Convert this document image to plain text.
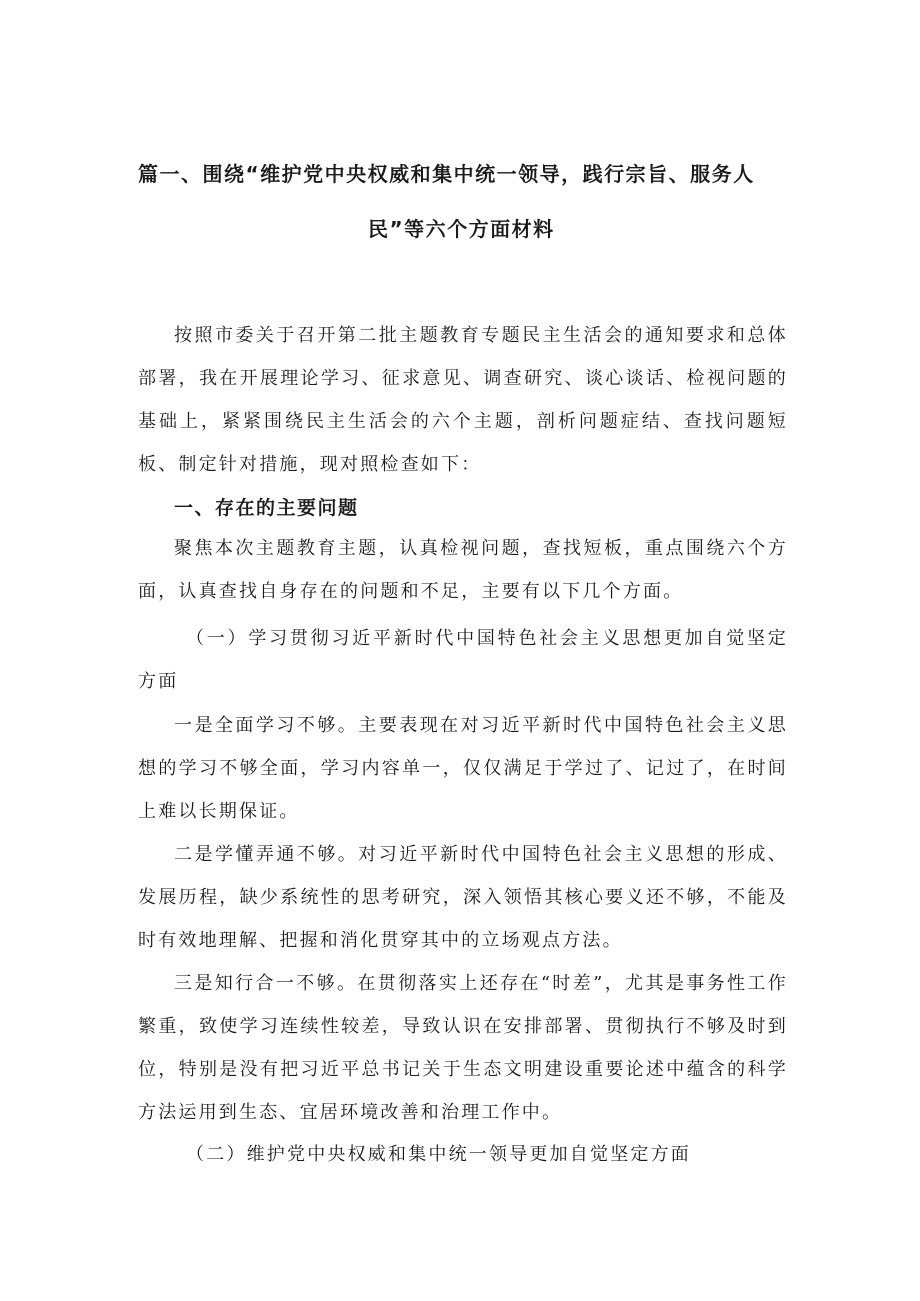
篇一、围绕“维护党中央权威和集中统一领导，践行宗旨、服务人
民”等六个方面材料

按照市委关于召开第二批主题教育专题民主生活会的通知要求和总体部署，我在开展理论学习、征求意见、调查研究、谈心谈话、检视问题的基础上，紧紧围绕民主生活会的六个主题，剖析问题症结、查找问题短板、制定针对措施，现对照检查如下：

一、存在的主要问题

聚焦本次主题教育主题，认真检视问题，查找短板，重点围绕六个方面，认真查找自身存在的问题和不足，主要有以下几个方面。

（一）学习贯彻习近平新时代中国特色社会主义思想更加自觉坚定方面

一是全面学习不够。主要表现在对习近平新时代中国特色社会主义思想的学习不够全面，学习内容单一，仅仅满足于学过了、记过了，在时间上难以长期保证。

二是学懂弄通不够。对习近平新时代中国特色社会主义思想的形成、发展历程，缺少系统性的思考研究，深入领悟其核心要义还不够，不能及时有效地理解、把握和消化贯穿其中的立场观点方法。

三是知行合一不够。在贯彻落实上还存在“时差”，尤其是事务性工作繁重，致使学习连续性较差，导致认识在安排部署、贯彻执行不够及时到位，特别是没有把习近平总书记关于生态文明建设重要论述中蕴含的科学方法运用到生态、宜居环境改善和治理工作中。

（二）维护党中央权威和集中统一领导更加自觉坚定方面
